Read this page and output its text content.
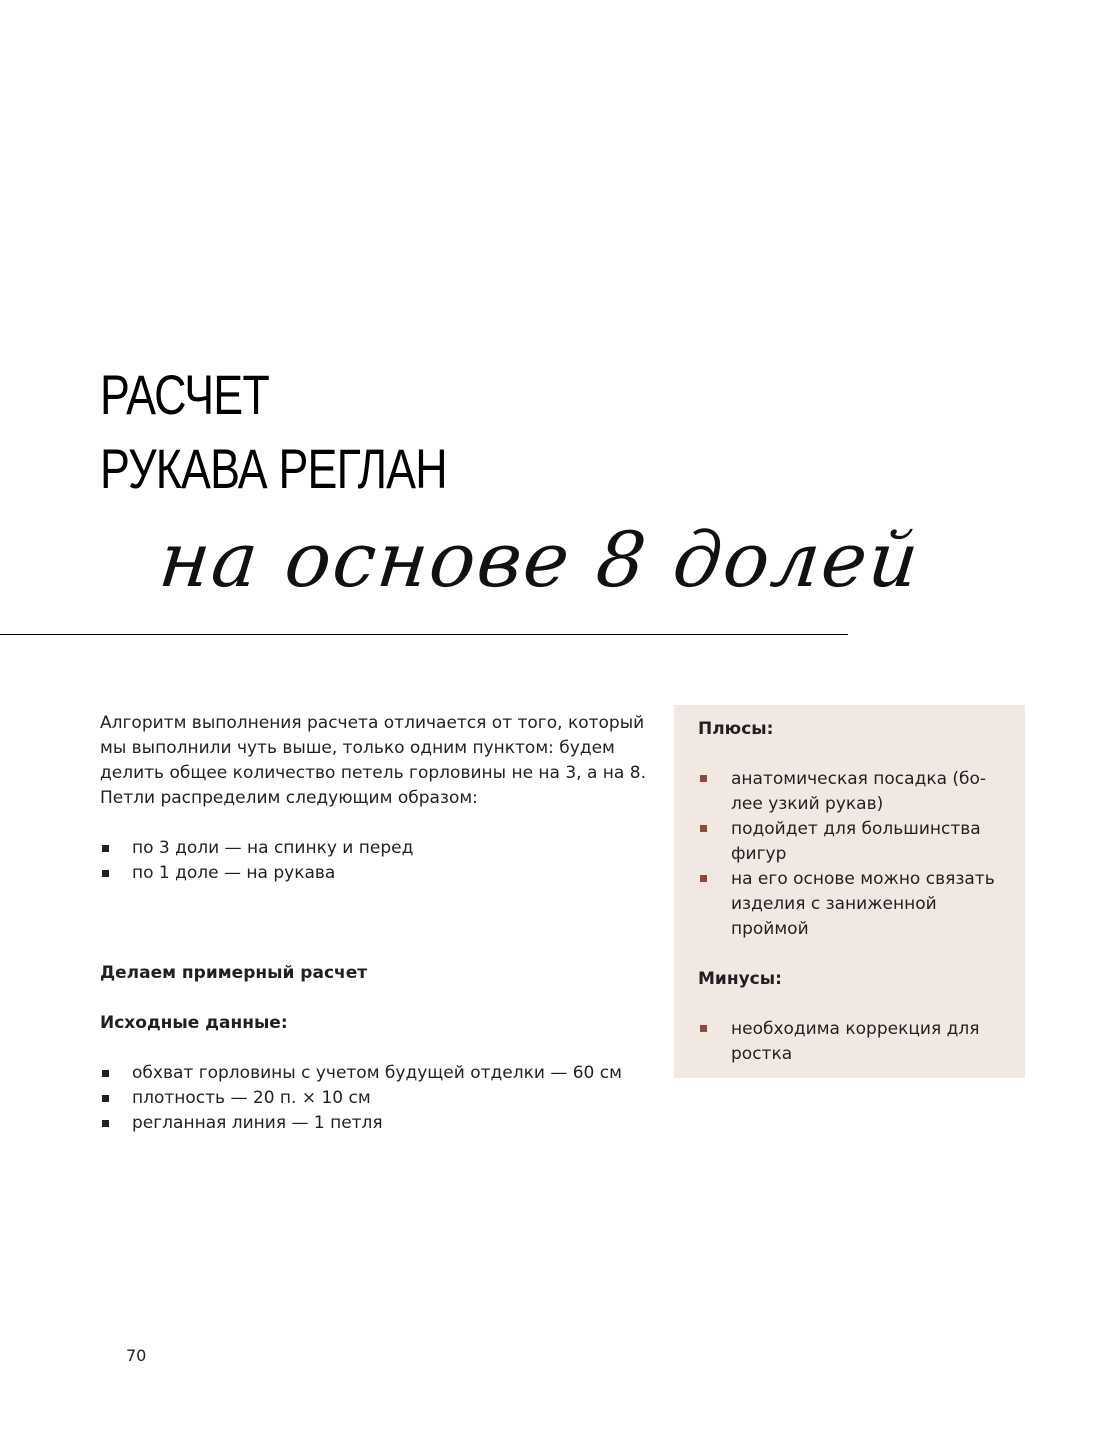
РАСЧЕТ
РУКАВА РЕГЛАН
на основе 8 долей

Алгоритм выполнения расчета отличается от того, который мы выполнили чуть выше, только одним пунктом: будем делить общее количество петель горловины не на 3, а на 8. Петли распределим следующим образом:

по 3 доли — на спинку и перед
по 1 доле — на рукава

Делаем примерный расчет

Исходные данные:

обхват горловины с учетом будущей отделки — 60 см
плотность — 20 п. × 10 см
регланная линия — 1 петля
Плюсы:
анатомическая посадка (бо-лее узкий рукав)
подойдет для большинства фигур
на его основе можно связать изделия с заниженной проймой
Минусы:
необходима коррекция для ростка
70
